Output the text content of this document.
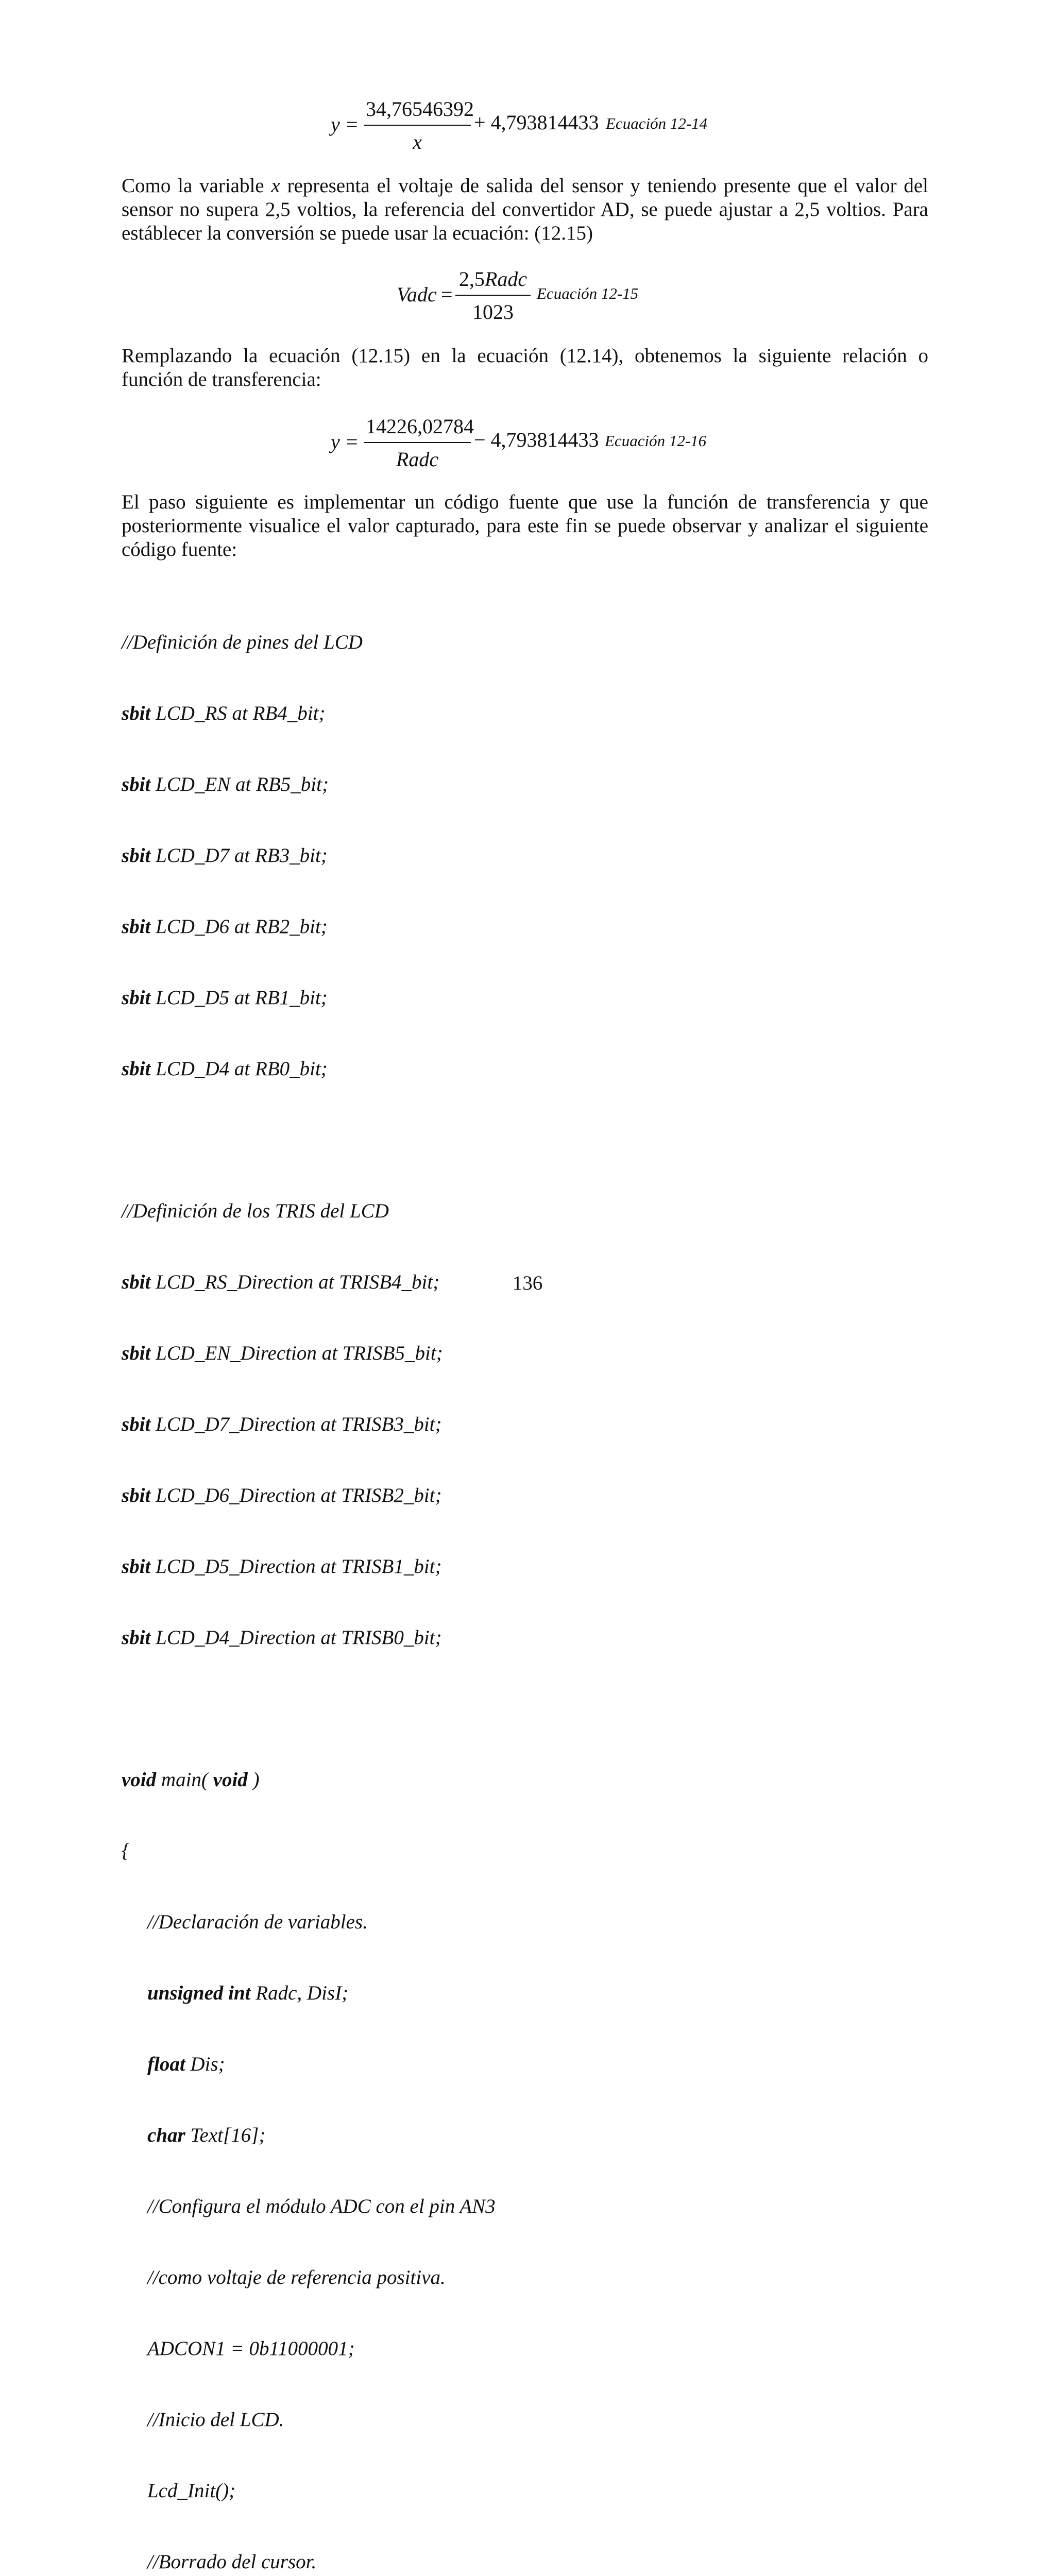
$y = \frac{34,76546392}{x} + 4,793814433$ Ecuación 12-14
Como la variable x representa el voltaje de salida del sensor y teniendo presente que el valor del
sensor no supera 2,5 voltios, la referencia del convertidor AD, se puede ajustar a 2,5 voltios. Para
estáblecer la conversión se puede usar la ecuación: (12.15)
Vadc =
2,5Radc
1023
Ecuación 12-15
Remplazando la ecuación (12.15) en la ecuación (12.14), obtenemos la siguiente relación o
función de transferencia:
y =
14226,02784
Radc
− 4,793814433 Ecuación 12-16
El paso siguiente es implementar un código fuente que use la función de transferencia y que
posteriormente visualice el valor capturado, para este fin se puede observar y analizar el siguiente
código fuente:

//Definición de pines del LCD

sbit LCD_RS at RB4_bit;

sbit LCD_EN at RB5_bit;

sbit LCD_D7 at RB3_bit;

sbit LCD_D6 at RB2_bit;

sbit LCD_D5 at RB1_bit;

sbit LCD_D4 at RB0_bit;

//Definición de los TRIS del LCD

sbit LCD_RS_Direction at TRISB4_bit;

sbit LCD_EN_Direction at TRISB5_bit;

sbit LCD_D7_Direction at TRISB3_bit;

sbit LCD_D6_Direction at TRISB2_bit;

sbit LCD_D5_Direction at TRISB1_bit;

sbit LCD_D4_Direction at TRISB0_bit;

void main( void )

{

//Declaración de variables.

unsigned int Radc, DisI;

float Dis;

char Text[16];

//Configura el módulo ADC con el pin AN3

//como voltaje de referencia positiva.

ADCON1 = 0b11000001;

//Inicio del LCD.

Lcd_Init();

//Borrado del cursor.

136
